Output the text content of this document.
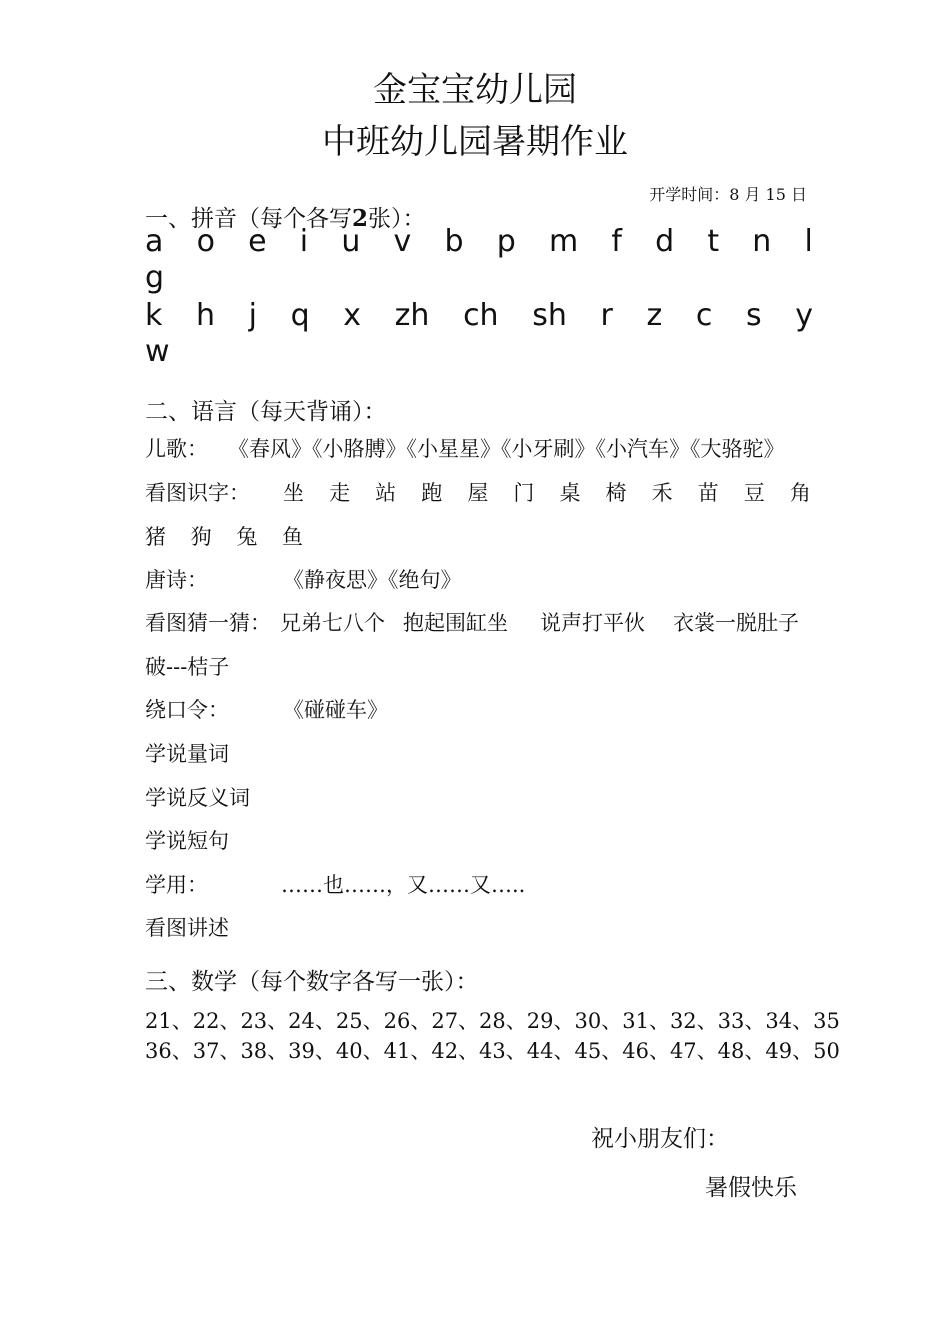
金宝宝幼儿园
中班幼儿园暑期作业
开学时间：8 月 15 日
一、拼音（每个各写2张）：
a o e i u v b p m f d t n l
g
k h j q x zh ch sh r z c s y
w
二、语言（每天背诵）：
儿歌： 《春风》《小胳膊》《小星星》《小牙刷》《小汽车》《大骆驼》
看图识字： 坐 走 站 跑 屋 门 桌 椅 禾 苗 豆 角
猪 狗 兔 鱼
唐诗：	《静夜思》《绝句》
看图猜一猜： 兄弟七八个 抱起围缸坐 说声打平伙 衣裳一脱肚子
破---桔子
绕口令：	《碰碰车》
学说量词
学说反义词
学说短句
学用：	……也……，又……又…..
看图讲述
三、数学（每个数字各写一张）：
21、22、23、24、25、26、27、28、29、30、31、32、33、34、35
36、37、38、39、40、41、42、43、44、45、46、47、48、49、50
祝小朋友们：
暑假快乐
